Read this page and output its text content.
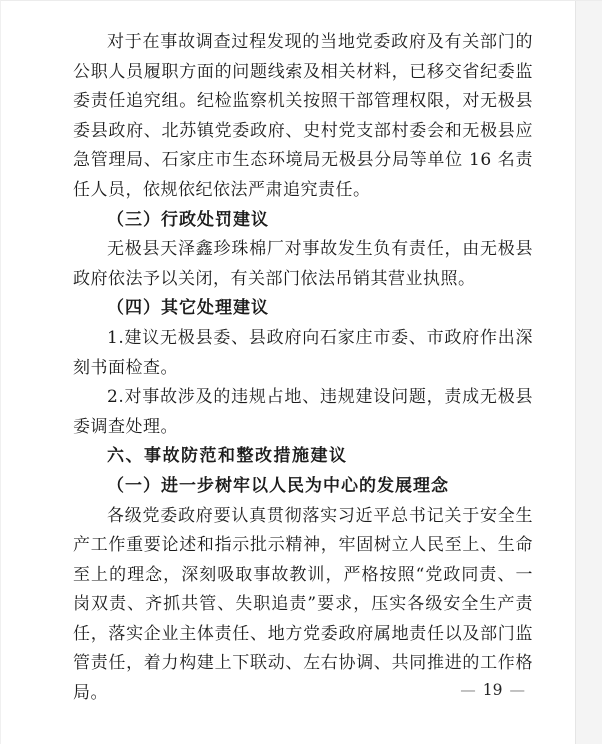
对于在事故调查过程发现的当地党委政府及有关部门的公职人员履职方面的问题线索及相关材料，已移交省纪委监委责任追究组。纪检监察机关按照干部管理权限，对无极县委县政府、北苏镇党委政府、史村党支部村委会和无极县应急管理局、石家庄市生态环境局无极县分局等单位 16 名责任人员，依规依纪依法严肃追究责任。

（三）行政处罚建议

无极县天泽鑫珍珠棉厂对事故发生负有责任，由无极县政府依法予以关闭，有关部门依法吊销其营业执照。

（四）其它处理建议

1.建议无极县委、县政府向石家庄市委、市政府作出深刻书面检查。

2.对事故涉及的违规占地、违规建设问题，责成无极县委调查处理。

六、事故防范和整改措施建议

（一）进一步树牢以人民为中心的发展理念

各级党委政府要认真贯彻落实习近平总书记关于安全生产工作重要论述和指示批示精神，牢固树立人民至上、生命至上的理念，深刻吸取事故教训，严格按照“党政同责、一岗双责、齐抓共管、失职追责”要求，压实各级安全生产责任，落实企业主体责任、地方党委政府属地责任以及部门监管责任，着力构建上下联动、左右协调、共同推进的工作格局。	— 19 —
